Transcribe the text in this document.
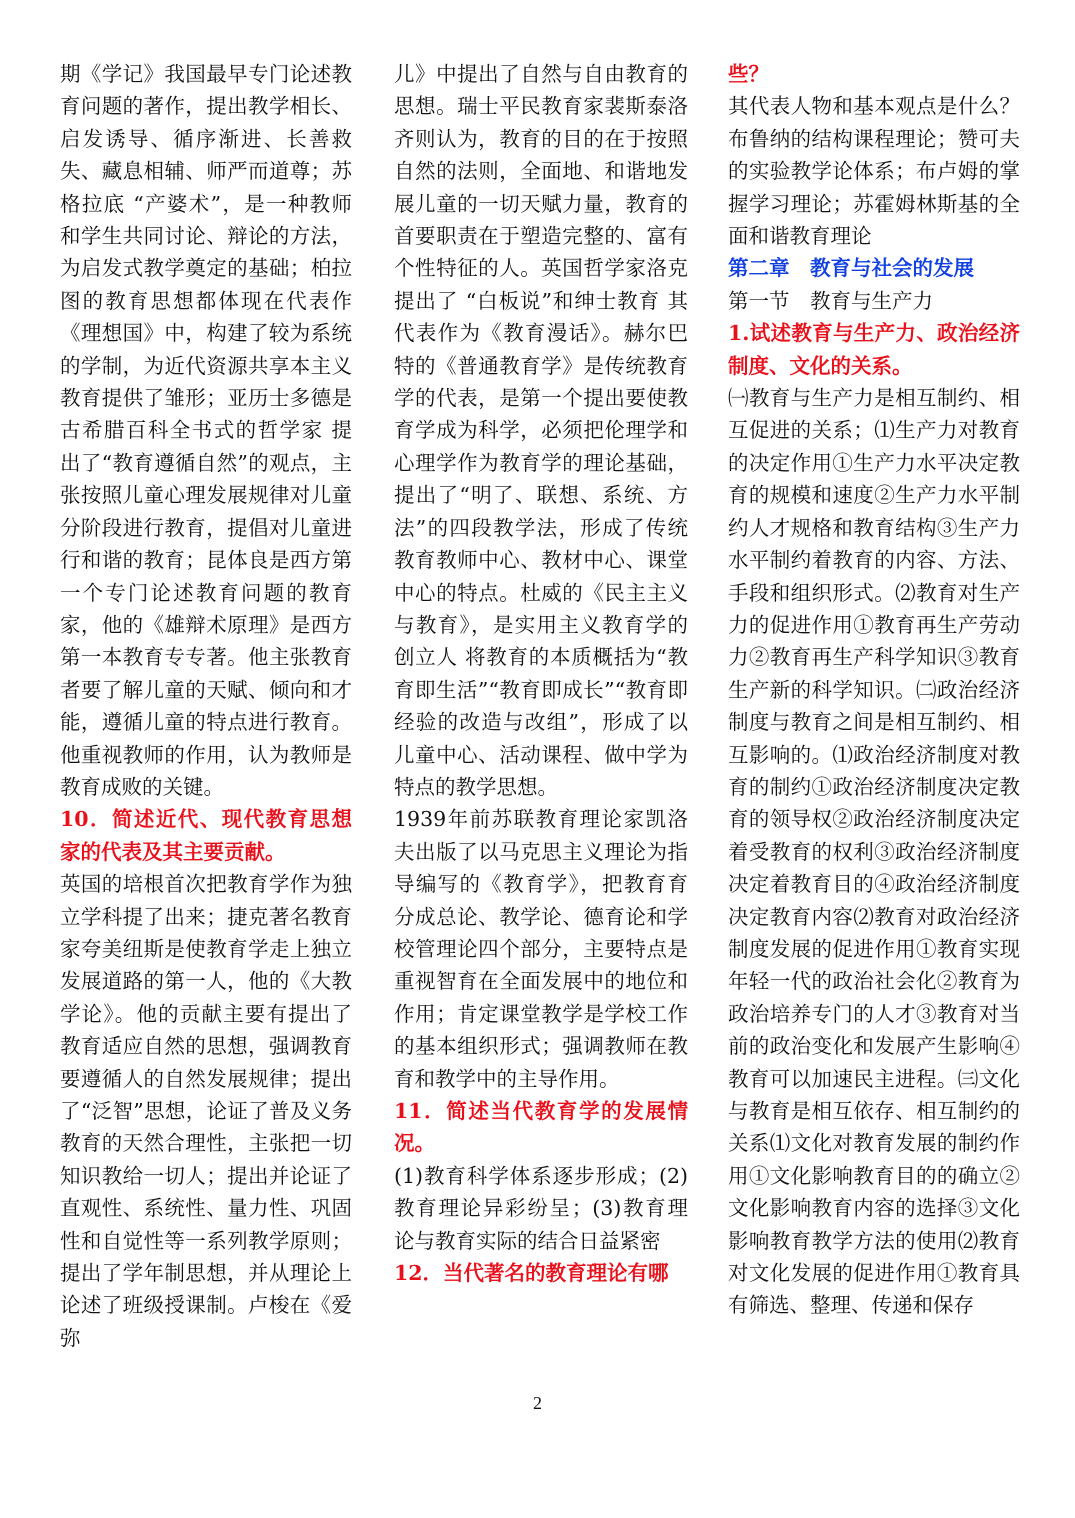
期《学记》我国最早专门论述教育问题的著作，提出教学相长、启发诱导、循序渐进、长善救失、藏息相辅、师严而道尊；苏格拉底 “产婆术”，是一种教师和学生共同讨论、辩论的方法，为启发式教学奠定的基础；柏拉图的教育思想都体现在代表作《理想国》中，构建了较为系统的学制，为近代资源共享本主义教育提供了雏形；亚历士多德是古希腊百科全书式的哲学家 提出了“教育遵循自然”的观点，主张按照儿童心理发展规律对儿童分阶段进行教育，提倡对儿童进行和谐的教育；昆体良是西方第一个专门论述教育问题的教育家，他的《雄辩术原理》是西方第一本教育专专著。他主张教育者要了解儿童的天赋、倾向和才能，遵循儿童的特点进行教育。他重视教师的作用，认为教师是教育成败的关键。

10．简述近代、现代教育思想家的代表及其主要贡献。

英国的培根首次把教育学作为独立学科提了出来；捷克著名教育家夸美纽斯是使教育学走上独立发展道路的第一人，他的《大教学论》。他的贡献主要有提出了教育适应自然的思想，强调教育要遵循人的自然发展规律；提出了“泛智”思想，论证了普及义务教育的天然合理性，主张把一切知识教给一切人；提出并论证了直观性、系统性、量力性、巩固性和自觉性等一系列教学原则；提出了学年制思想，并从理论上论述了班级授课制。卢梭在《爱弥

儿》中提出了自然与自由教育的思想。瑞士平民教育家裴斯泰洛齐则认为，教育的目的在于按照自然的法则，全面地、和谐地发展儿童的一切天赋力量，教育的首要职责在于塑造完整的、富有个性特征的人。英国哲学家洛克提出了 “白板说”和绅士教育 其代表作为《教育漫话》。赫尔巴特的《普通教育学》是传统教育学的代表，是第一个提出要使教育学成为科学，必须把伦理学和心理学作为教育学的理论基础，提出了“明了、联想、系统、方法”的四段教学法，形成了传统教育教师中心、教材中心、课堂中心的特点。杜威的《民主主义与教育》，是实用主义教育学的创立人 将教育的本质概括为“教育即生活”“教育即成长”“教育即经验的改造与改组”，形成了以儿童中心、活动课程、做中学为特点的教学思想。

1939年前苏联教育理论家凯洛夫出版了以马克思主义理论为指导编写的《教育学》，把教育育分成总论、教学论、德育论和学校管理论四个部分，主要特点是重视智育在全面发展中的地位和作用；肯定课堂教学是学校工作的基本组织形式；强调教师在教育和教学中的主导作用。

11．简述当代教育学的发展情况。

(1)教育科学体系逐步形成；(2)教育理论异彩纷呈；(3)教育理论与教育实际的结合日益紧密

12．当代著名的教育理论有哪

些？

其代表人物和基本观点是什么？布鲁纳的结构课程理论；赞可夫的实验教学论体系；布卢姆的掌握学习理论；苏霍姆林斯基的全面和谐教育理论

第二章　教育与社会的发展

第一节　教育与生产力

1.试述教育与生产力、政治经济制度、文化的关系。

㈠教育与生产力是相互制约、相互促进的关系；⑴生产力对教育的决定作用①生产力水平决定教育的规模和速度②生产力水平制约人才规格和教育结构③生产力水平制约着教育的内容、方法、手段和组织形式。⑵教育对生产力的促进作用①教育再生产劳动力②教育再生产科学知识③教育生产新的科学知识。㈡政治经济制度与教育之间是相互制约、相互影响的。⑴政治经济制度对教育的制约①政治经济制度决定教育的领导权②政治经济制度决定着受教育的权利③政治经济制度决定着教育目的④政治经济制度决定教育内容⑵教育对政治经济制度发展的促进作用①教育实现年轻一代的政治社会化②教育为政治培养专门的人才③教育对当前的政治变化和发展产生影响④教育可以加速民主进程。㈢文化与教育是相互依存、相互制约的关系⑴文化对教育发展的制约作用①文化影响教育目的的确立②文化影响教育内容的选择③文化影响教育教学方法的使用⑵教育对文化发展的促进作用①教育具有筛选、整理、传递和保存

2
